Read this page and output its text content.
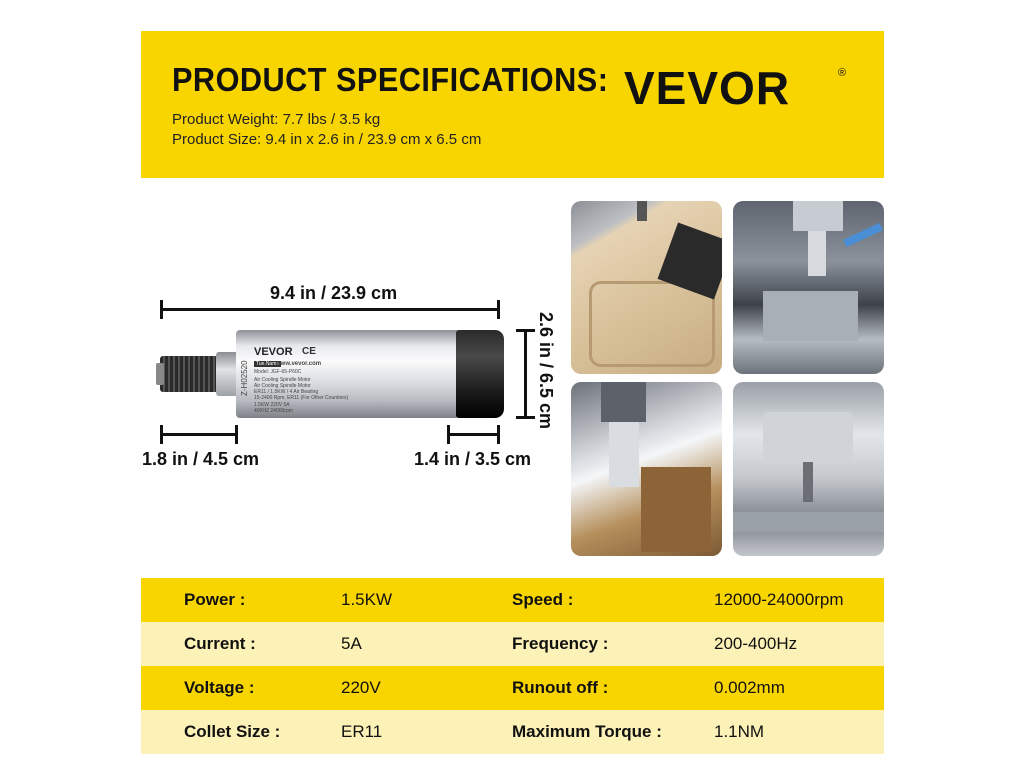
PRODUCT SPECIFICATIONS:
Product Weight: 7.7 lbs / 3.5 kg
Product Size: 9.4 in x 2.6 in / 23.9 cm x 6.5 cm
VEVOR	®
9.4 in / 23.9 cm
2.6 in / 6.5 cm
VEVOR CE
Tue.Name
www.vevor.com
Model: JGF-65-P60C
Air Cooling Spindle Motor
Air Cooling Spindle Motor
ER11 / 1.5KW / 4 Air Bearing
15-2400 Rpm, ER11 (For Other Countries)
1.5KW 220V 5A
400HZ 24000rpm
Z-H02520
1.8 in / 4.5 cm	1.4 in / 3.5 cm
Power :	1.5KW	Speed :	12000-24000rpm
Current :	5A	Frequency :	200-400Hz
Voltage :	220V	Runout off :	0.002mm
Collet Size :	ER11	Maximum Torque :	1.1NM
